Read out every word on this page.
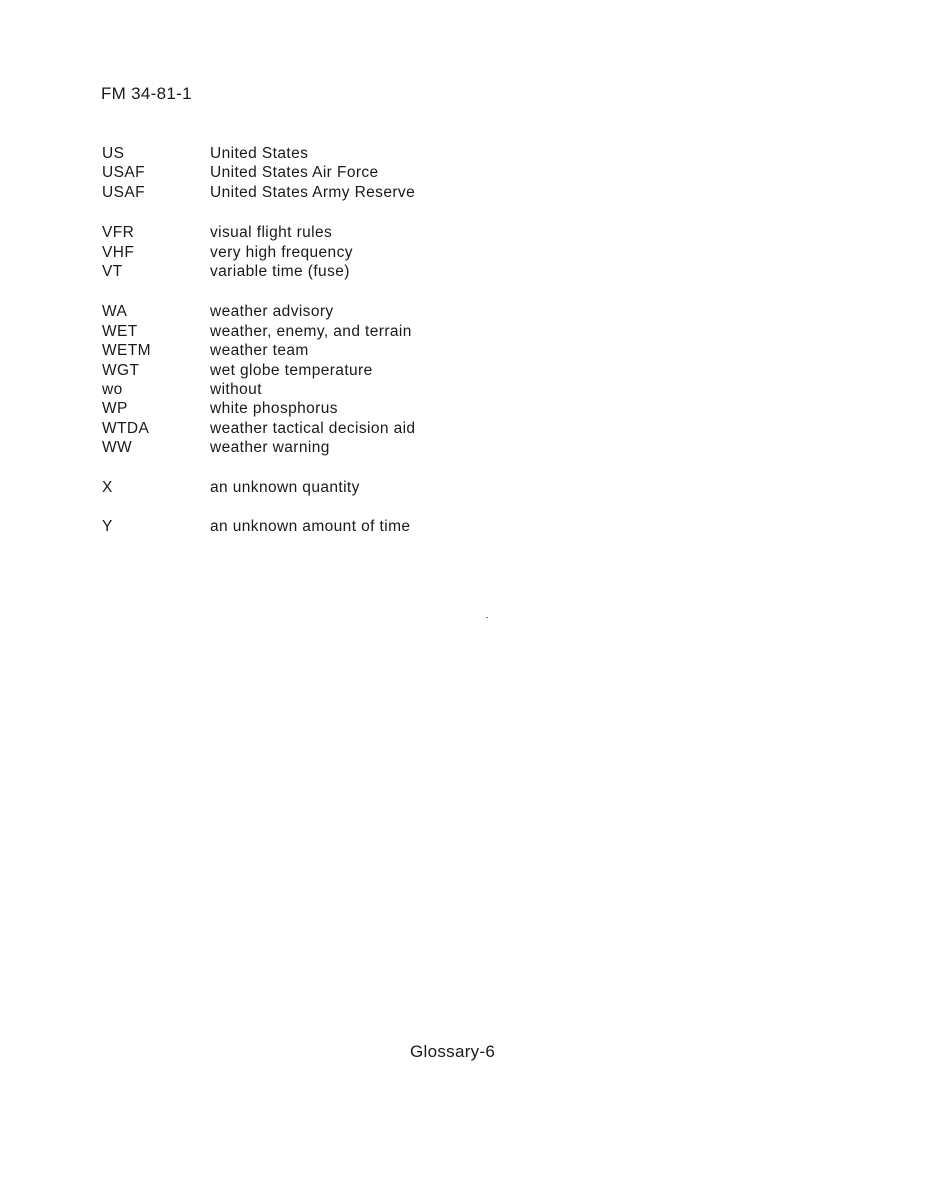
FM 34-81-1
US	United States
USAF	United States Air Force
USAF	United States Army Reserve
VFR	visual flight rules
VHF	very high frequency
VT	variable time (fuse)
WA	weather advisory
WET	weather, enemy, and terrain
WETM	weather team
WGT	wet globe temperature
wo	without
WP	white phosphorus
WTDA	weather tactical decision aid
WW	weather warning
X	an unknown quantity
Y	an unknown amount of time
Glossary-6
